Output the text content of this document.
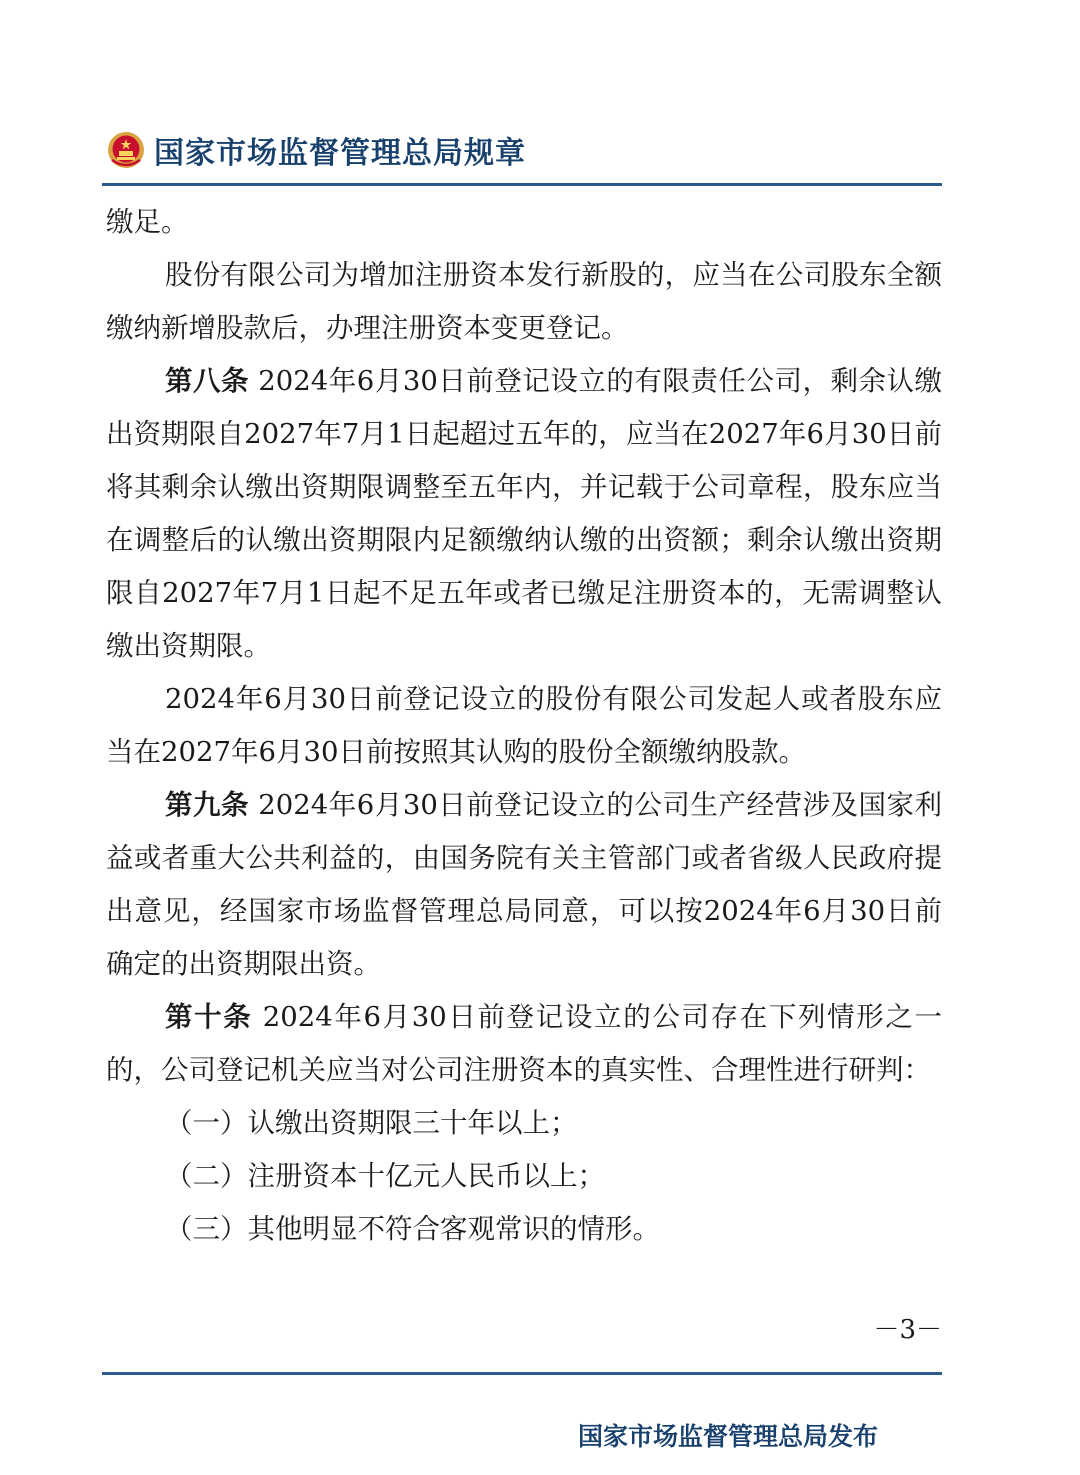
国家市场监督管理总局规章

缴足。

股份有限公司为增加注册资本发行新股的，应当在公司股东全额缴纳新增股款后，办理注册资本变更登记。

第八条 2024年6月30日前登记设立的有限责任公司，剩余认缴出资期限自2027年7月1日起超过五年的，应当在2027年6月30日前将其剩余认缴出资期限调整至五年内，并记载于公司章程，股东应当在调整后的认缴出资期限内足额缴纳认缴的出资额；剩余认缴出资期限自2027年7月1日起不足五年或者已缴足注册资本的，无需调整认缴出资期限。

2024年6月30日前登记设立的股份有限公司发起人或者股东应当在2027年6月30日前按照其认购的股份全额缴纳股款。

第九条 2024年6月30日前登记设立的公司生产经营涉及国家利益或者重大公共利益的，由国务院有关主管部门或者省级人民政府提出意见，经国家市场监督管理总局同意，可以按2024年6月30日前确定的出资期限出资。

第十条 2024年6月30日前登记设立的公司存在下列情形之一的，公司登记机关应当对公司注册资本的真实性、合理性进行研判：

（一）认缴出资期限三十年以上；

（二）注册资本十亿元人民币以上；

（三）其他明显不符合客观常识的情形。

－3－
国家市场监督管理总局发布
